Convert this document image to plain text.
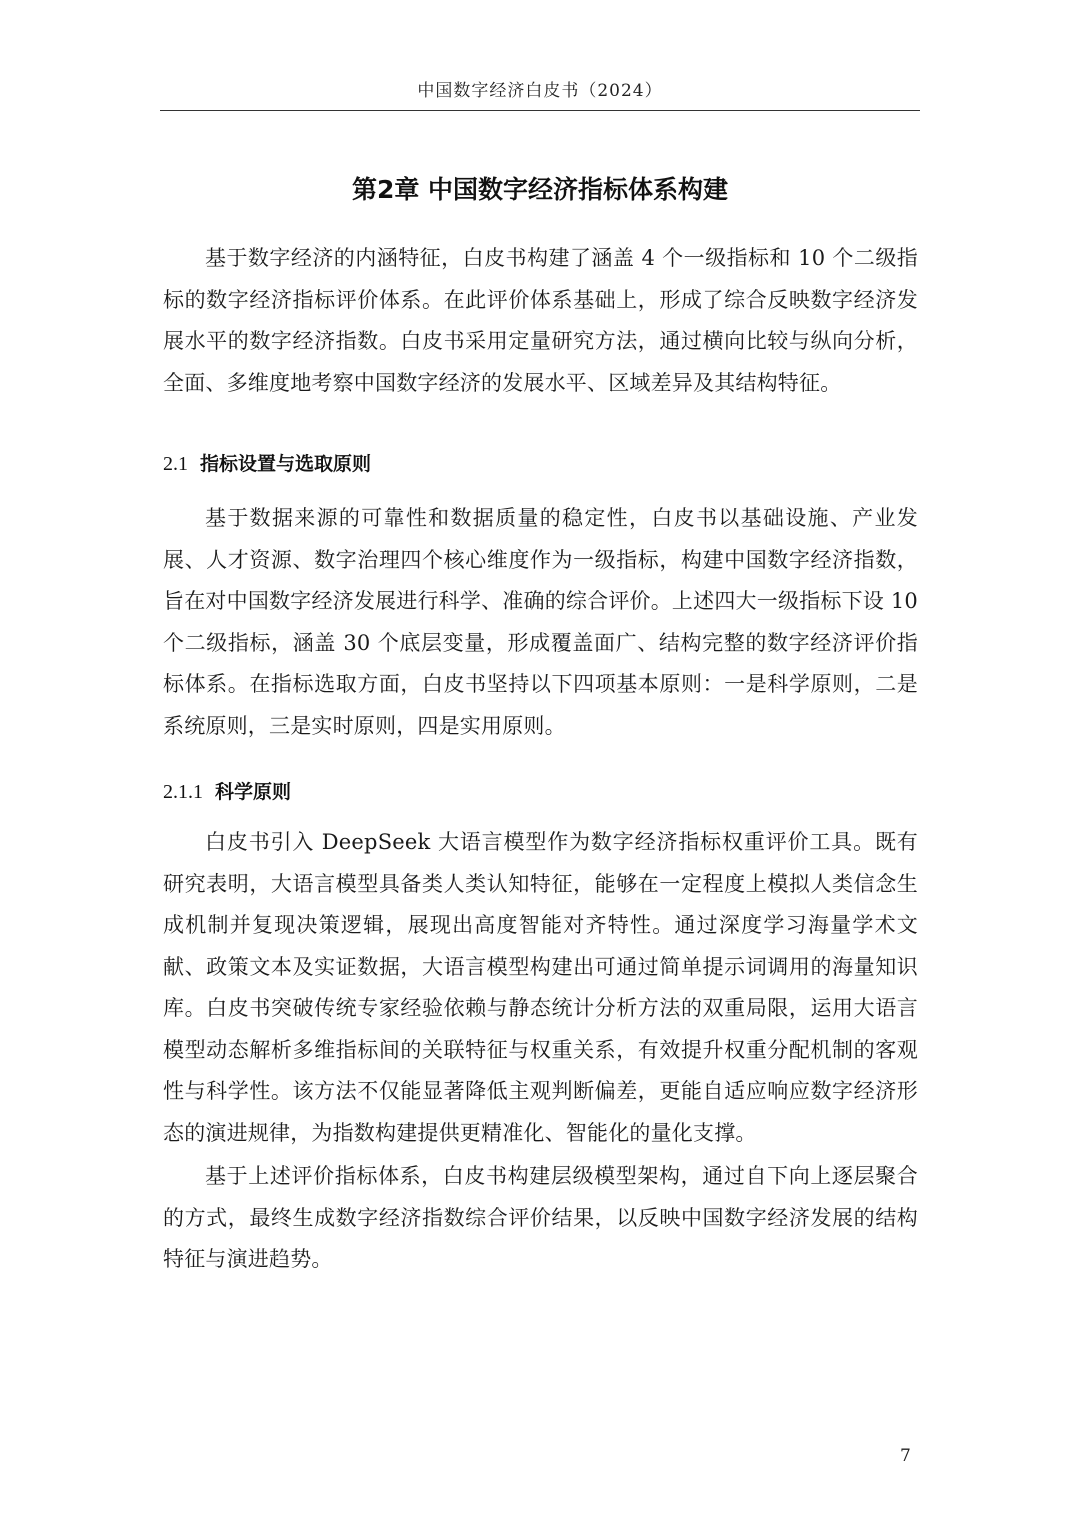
中国数字经济白皮书（2024）
第2章 中国数字经济指标体系构建

基于数字经济的内涵特征，白皮书构建了涵盖 4 个一级指标和 10 个二级指标的数字经济指标评价体系。在此评价体系基础上，形成了综合反映数字经济发展水平的数字经济指数。白皮书采用定量研究方法，通过横向比较与纵向分析，全面、多维度地考察中国数字经济的发展水平、区域差异及其结构特征。

2.1 指标设置与选取原则

基于数据来源的可靠性和数据质量的稳定性，白皮书以基础设施、产业发展、人才资源、数字治理四个核心维度作为一级指标，构建中国数字经济指数，旨在对中国数字经济发展进行科学、准确的综合评价。上述四大一级指标下设 10 个二级指标，涵盖 30 个底层变量，形成覆盖面广、结构完整的数字经济评价指标体系。在指标选取方面，白皮书坚持以下四项基本原则：一是科学原则，二是系统原则，三是实时原则，四是实用原则。

2.1.1 科学原则

白皮书引入 DeepSeek 大语言模型作为数字经济指标权重评价工具。既有研究表明，大语言模型具备类人类认知特征，能够在一定程度上模拟人类信念生成机制并复现决策逻辑，展现出高度智能对齐特性。通过深度学习海量学术文献、政策文本及实证数据，大语言模型构建出可通过简单提示词调用的海量知识库。白皮书突破传统专家经验依赖与静态统计分析方法的双重局限，运用大语言模型动态解析多维指标间的关联特征与权重关系，有效提升权重分配机制的客观性与科学性。该方法不仅能显著降低主观判断偏差，更能自适应响应数字经济形态的演进规律，为指数构建提供更精准化、智能化的量化支撑。

基于上述评价指标体系，白皮书构建层级模型架构，通过自下向上逐层聚合的方式，最终生成数字经济指数综合评价结果，以反映中国数字经济发展的结构特征与演进趋势。

7
